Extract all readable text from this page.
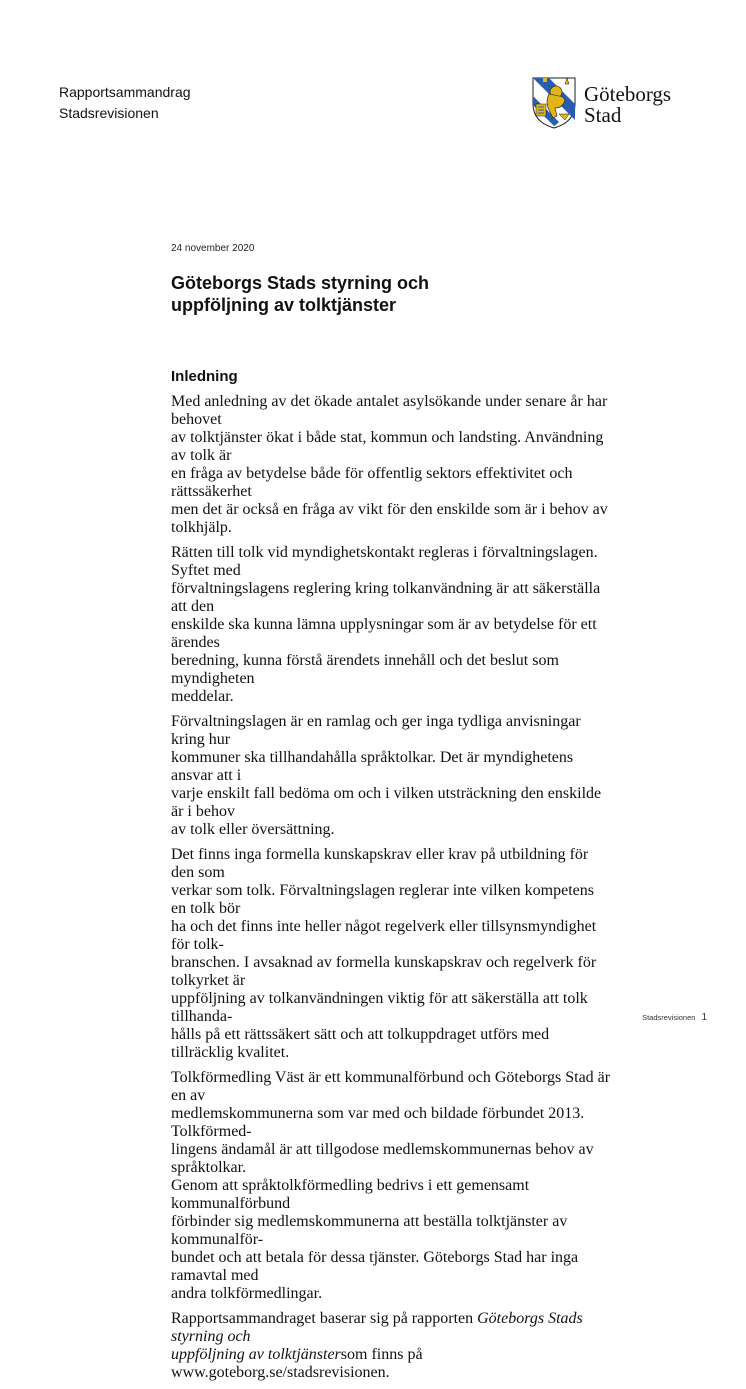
Rapportsammandrag
Stadsrevisionen
Göteborgs
Stad
24 november 2020
Göteborgs Stads styrning och
uppföljning av tolktjänster
Inledning

Med anledning av det ökade antalet asylsökande under senare år har behovet
av tolktjänster ökat i både stat, kommun och landsting. Användning av tolk är
en fråga av betydelse både för offentlig sektors effektivitet och rättssäkerhet
men det är också en fråga av vikt för den enskilde som är i behov av tolkhjälp.

Rätten till tolk vid myndighetskontakt regleras i förvaltningslagen. Syftet med
förvaltningslagens reglering kring tolkanvändning är att säkerställa att den
enskilde ska kunna lämna upplysningar som är av betydelse för ett ärendes
beredning, kunna förstå ärendets innehåll och det beslut som myndigheten
meddelar.

Förvaltningslagen är en ramlag och ger inga tydliga anvisningar kring hur
kommuner ska tillhandahålla språktolkar. Det är myndighetens ansvar att i
varje enskilt fall bedöma om och i vilken utsträckning den enskilde är i behov
av tolk eller översättning.

Det finns inga formella kunskapskrav eller krav på utbildning för den som
verkar som tolk. Förvaltningslagen reglerar inte vilken kompetens en tolk bör
ha och det finns inte heller något regelverk eller tillsynsmyndighet för tolk-
branschen. I avsaknad av formella kunskapskrav och regelverk för tolkyrket är
uppföljning av tolkanvändningen viktig för att säkerställa att tolk tillhanda-
hålls på ett rättssäkert sätt och att tolkuppdraget utförs med tillräcklig kvalitet.

Tolkförmedling Väst är ett kommunalförbund och Göteborgs Stad är en av
medlemskommunerna som var med och bildade förbundet 2013. Tolkförmed-
lingens ändamål är att tillgodose medlemskommunernas behov av språktolkar.
Genom att språktolkförmedling bedrivs i ett gemensamt kommunalförbund
förbinder sig medlemskommunerna att beställa tolktjänster av kommunalför-
bundet och att betala för dessa tjänster. Göteborgs Stad har inga ramavtal med
andra tolkförmedlingar.

Rapportsammandraget baserar sig på rapporten Göteborgs Stads styrning och
uppföljning av tolktjänstersom finns på www.goteborg.se/stadsrevisionen.

Stadsrevisionen 1
